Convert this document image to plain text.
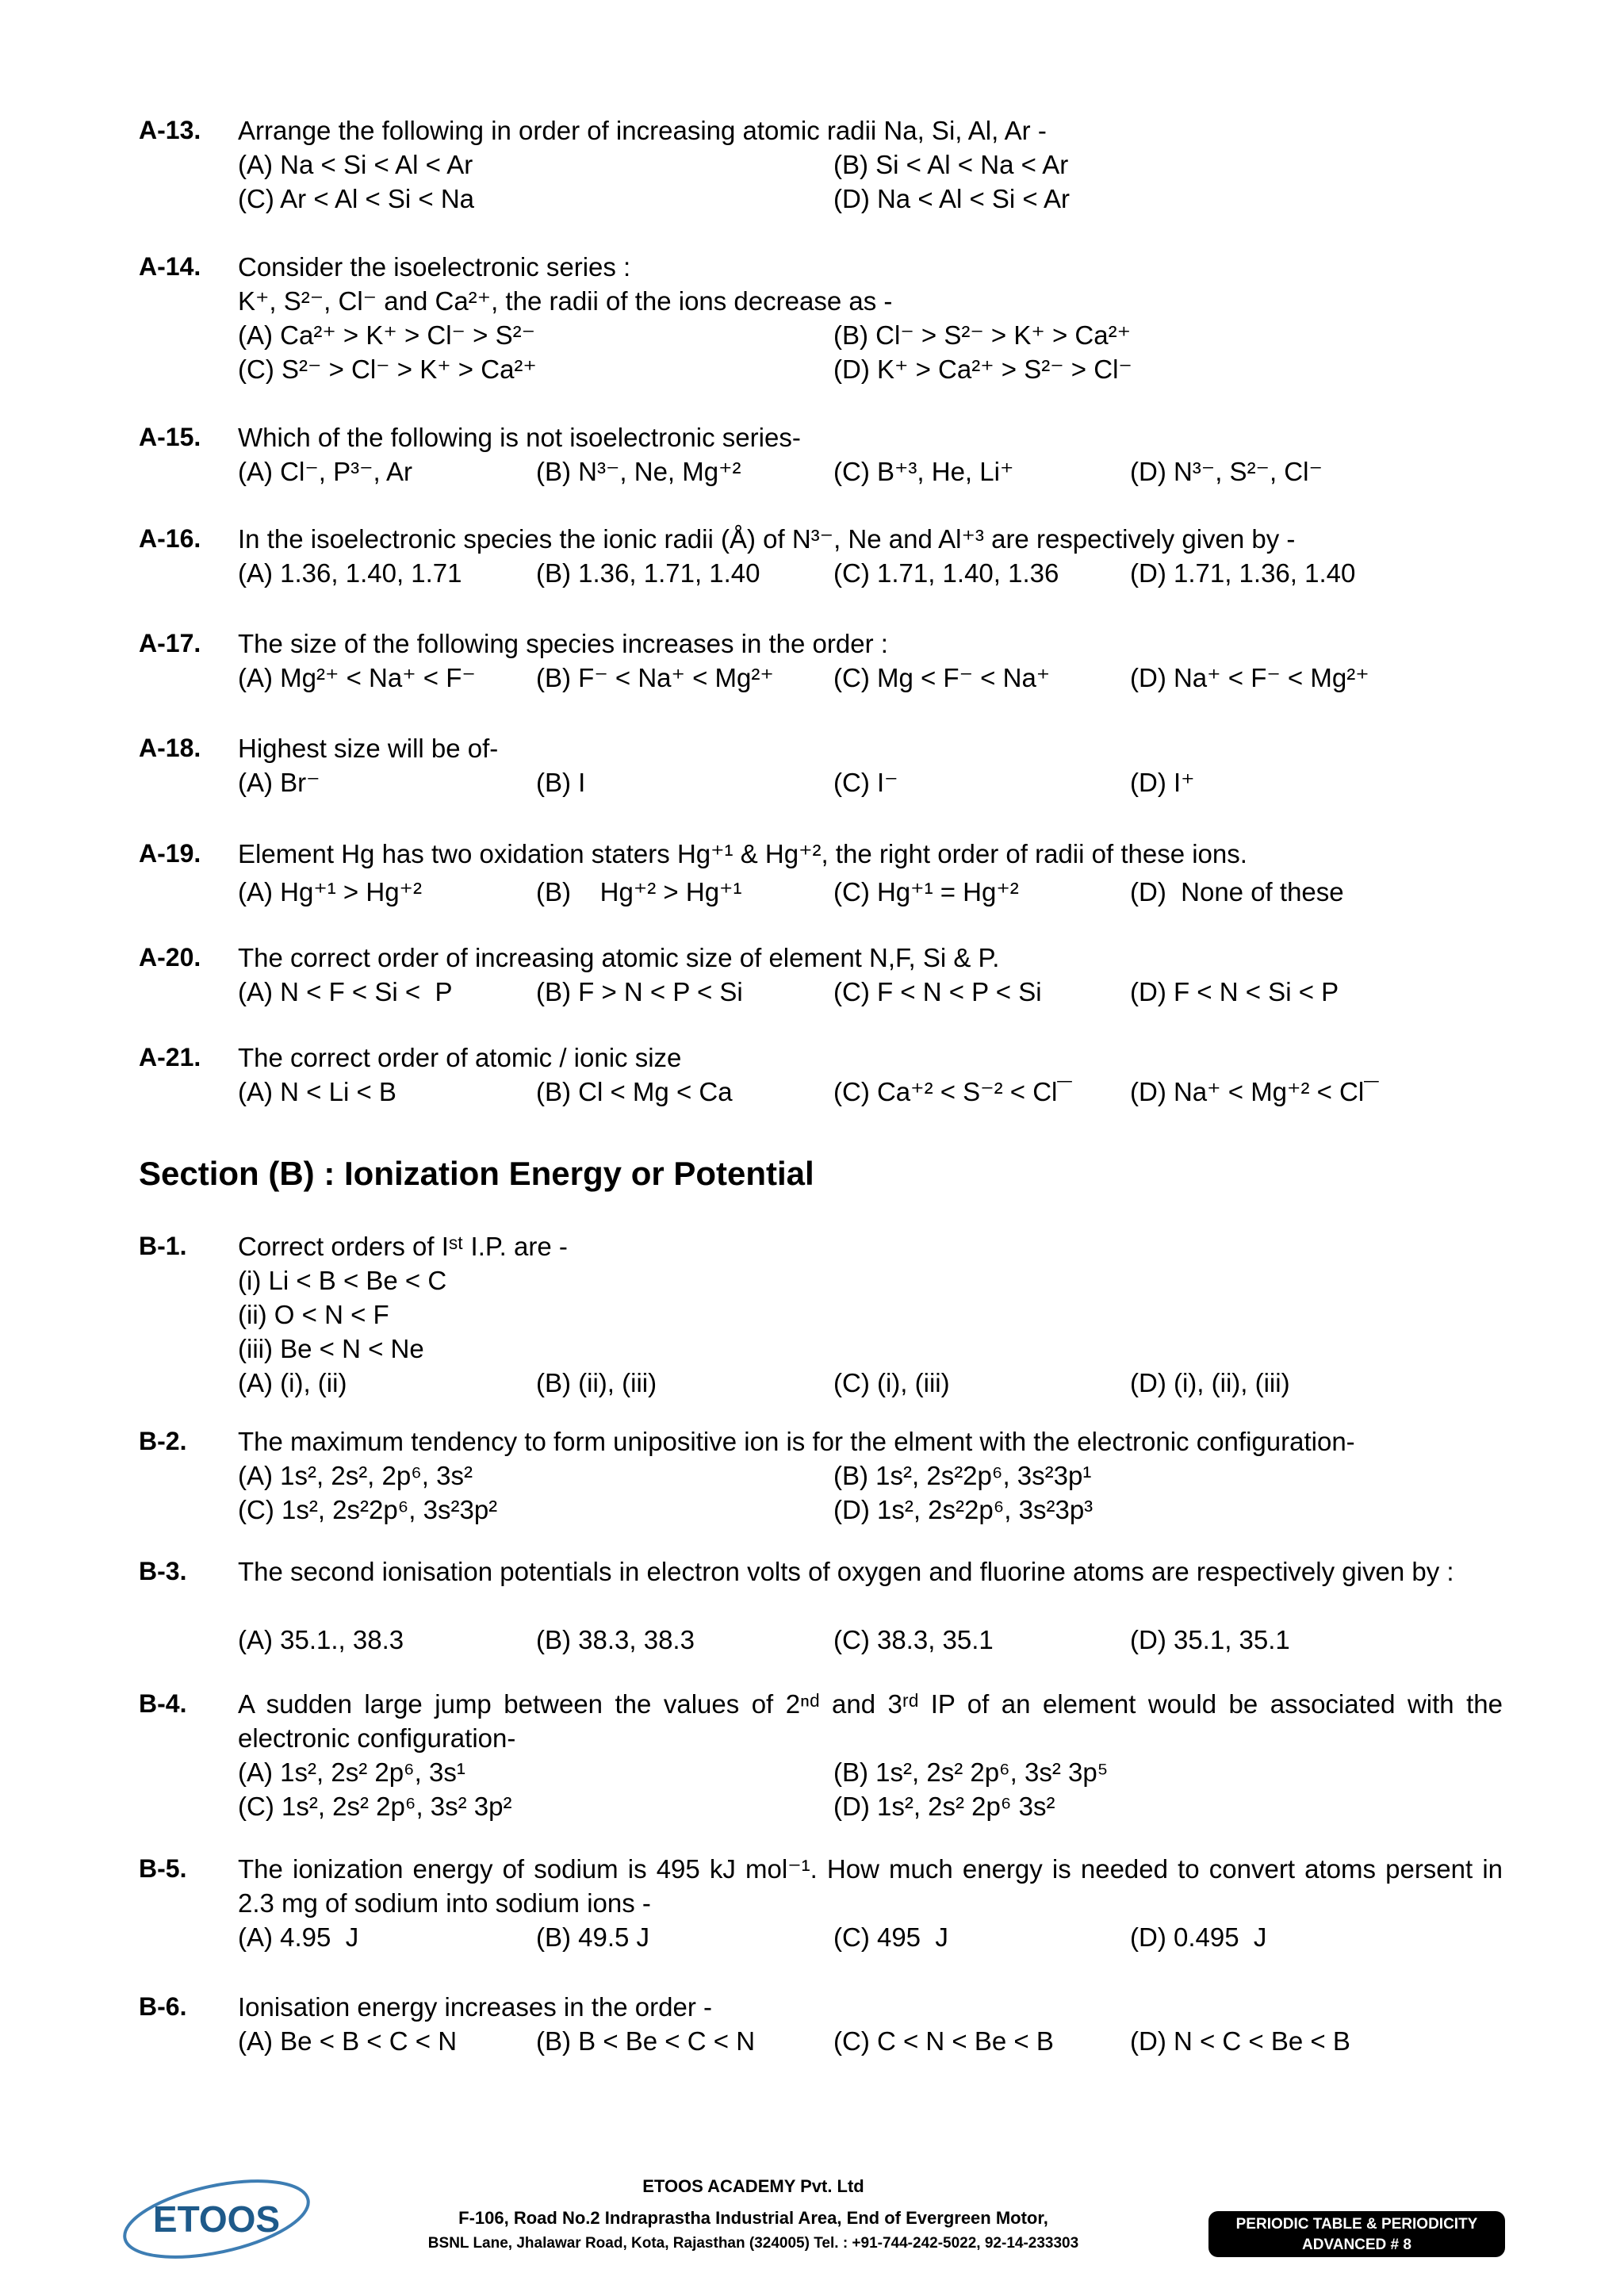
A-13. Arrange the following in order of increasing atomic radii Na, Si, Al, Ar -
(A) Na < Si < Al < Ar	(B) Si < Al < Na < Ar
(C) Ar < Al < Si < Na	(D) Na < Al < Si < Ar
A-14. Consider the isoelectronic series :
K⁺, S²⁻, Cl⁻ and Ca²⁺, the radii of the ions decrease as -
(A) Ca²⁺ > K⁺ > Cl⁻ > S²⁻	(B) Cl⁻ > S²⁻ > K⁺ > Ca²⁺
(C) S²⁻ > Cl⁻ > K⁺ > Ca²⁺	(D) K⁺ > Ca²⁺ > S²⁻ > Cl⁻
A-15. Which of the following is not isoelectronic series-
(A) Cl⁻, P³⁻, Ar	(B) N³⁻, Ne, Mg⁺²	(C) B⁺³, He, Li⁺	(D) N³⁻, S²⁻, Cl⁻
A-16. In the isoelectronic species the ionic radii (Å) of N³⁻, Ne and Al⁺³ are respectively given by -
(A) 1.36, 1.40, 1.71	(B) 1.36, 1.71, 1.40	(C) 1.71, 1.40, 1.36	(D) 1.71, 1.36, 1.40
A-17. The size of the following species increases in the order :
(A) Mg²⁺ < Na⁺ < F⁻ (B) F⁻ < Na⁺ < Mg²⁺ (C) Mg < F⁻ < Na⁺	(D) Na⁺ < F⁻ < Mg²⁺
A-18. Highest size will be of-
(A) Br⁻	(B) I	(C) I⁻	(D) I⁺
A-19. Element Hg has two oxidation staters Hg⁺¹ & Hg⁺², the right order of radii of these ions.
(A) Hg⁺¹ > Hg⁺²	(B)    Hg⁺² > Hg⁺¹	(C) Hg⁺¹ = Hg⁺²	(D)  None of these
A-20. The correct order of increasing atomic size of element N,F, Si & P.
(A) N < F < Si <  P	(B) F > N < P < Si	(C) F < N < P < Si	(D) F < N < Si < P
A-21. The correct order of atomic / ionic size
(A) N < Li < B	(B) Cl < Mg < Ca	(C) Ca⁺² < S⁻² < Cl¯ (D) Na⁺ < Mg⁺² < Cl¯
Section (B) : Ionization Energy or Potential
B-1. Correct orders of Iˢᵗ I.P. are -
(i) Li < B < Be < C
(ii) O < N < F
(iii) Be < N < Ne
(A) (i), (ii)	(B) (ii), (iii)	(C) (i), (iii)	(D) (i), (ii), (iii)
B-2. The maximum tendency to form unipositive ion is for the elment with the electronic configuration-
(A) 1s², 2s², 2p⁶, 3s²	(B) 1s², 2s²2p⁶, 3s²3p¹
(C) 1s², 2s²2p⁶, 3s²3p²	(D) 1s², 2s²2p⁶, 3s²3p³
B-3. The second ionisation potentials in electron volts of oxygen and fluorine atoms are respectively given by :
(A) 35.1., 38.3	(B) 38.3, 38.3	(C) 38.3, 35.1	(D) 35.1, 35.1
B-4. A sudden large jump between the values of 2ⁿᵈ and 3ʳᵈ IP of an element would be associated with the electronic configuration-
(A) 1s², 2s² 2p⁶, 3s¹	(B) 1s², 2s² 2p⁶, 3s² 3p⁵
(C) 1s², 2s² 2p⁶, 3s² 3p²	(D) 1s², 2s² 2p⁶ 3s²
B-5. The ionization energy of sodium is 495 kJ mol⁻¹. How much energy is needed to convert atoms persent in 2.3 mg of sodium into sodium ions -
(A) 4.95  J	(B) 49.5 J	(C) 495  J	(D) 0.495  J
B-6. Ionisation energy increases in the order -
(A) Be < B < C < N	(B) B < Be < C < N	(C) C < N < Be < B	(D) N < C < Be < B
ETOOS
ETOOS ACADEMY Pvt. Ltd
F-106, Road No.2 Indraprastha Industrial Area, End of Evergreen Motor,
BSNL Lane, Jhalawar Road, Kota, Rajasthan (324005) Tel. : +91-744-242-5022, 92-14-233303
PERIODIC TABLE & PERIODICITY
ADVANCED # 8
